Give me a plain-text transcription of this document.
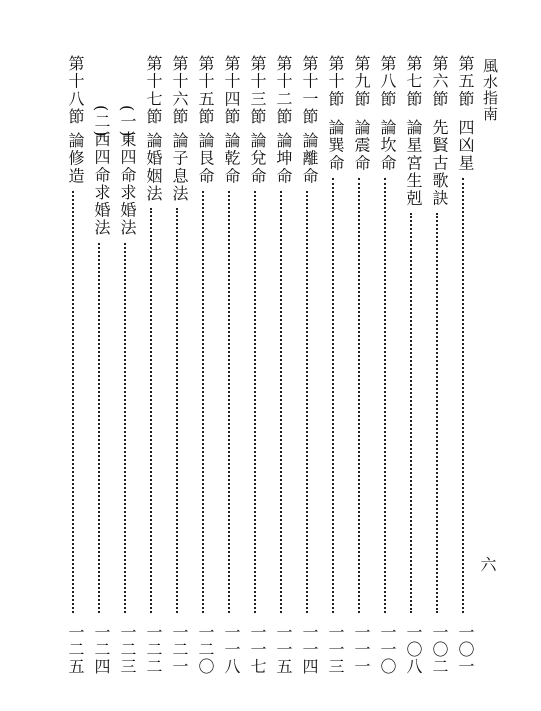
風水指南
六
第五節
四凶星
一〇一
第六節
先賢古歌訣
一〇二
第七節
論星宮生剋
一〇八
第八節
論坎命
一一〇
第九節
論震命
一一一
第十節
論巽命
一一三
第十一節
論離命
一一四
第十二節
論坤命
一一五
第十三節
論兌命
一一七
第十四節
論乾命
一一八
第十五節
論艮命
一二〇
第十六節
論子息法
一二一
第十七節
論婚姻法
一二二
(一)
東四命求婚法
一二三
(二)
西四命求婚法
一二四
第十八節
論修造
一二五
